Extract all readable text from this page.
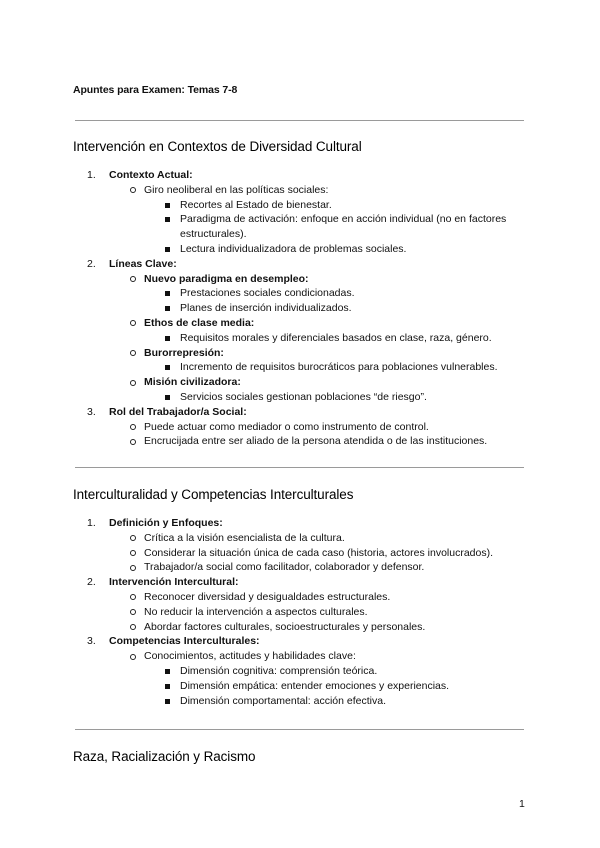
Apuntes para Examen: Temas 7-8
Intervención en Contextos de Diversidad Cultural
1. Contexto Actual:
Giro neoliberal en las políticas sociales:
Recortes al Estado de bienestar.
Paradigma de activación: enfoque en acción individual (no en factores estructurales).
Lectura individualizadora de problemas sociales.
2. Líneas Clave:
Nuevo paradigma en desempleo:
Prestaciones sociales condicionadas.
Planes de inserción individualizados.
Ethos de clase media:
Requisitos morales y diferenciales basados en clase, raza, género.
Burorrepresión:
Incremento de requisitos burocráticos para poblaciones vulnerables.
Misión civilizadora:
Servicios sociales gestionan poblaciones “de riesgo”.
3. Rol del Trabajador/a Social:
Puede actuar como mediador o como instrumento de control.
Encrucijada entre ser aliado de la persona atendida o de las instituciones.
Interculturalidad y Competencias Interculturales
1. Definición y Enfoques:
Crítica a la visión esencialista de la cultura.
Considerar la situación única de cada caso (historia, actores involucrados).
Trabajador/a social como facilitador, colaborador y defensor.
2. Intervención Intercultural:
Reconocer diversidad y desigualdades estructurales.
No reducir la intervención a aspectos culturales.
Abordar factores culturales, socioestructurales y personales.
3. Competencias Interculturales:
Conocimientos, actitudes y habilidades clave:
Dimensión cognitiva: comprensión teórica.
Dimensión empática: entender emociones y experiencias.
Dimensión comportamental: acción efectiva.
Raza, Racialización y Racismo
1
